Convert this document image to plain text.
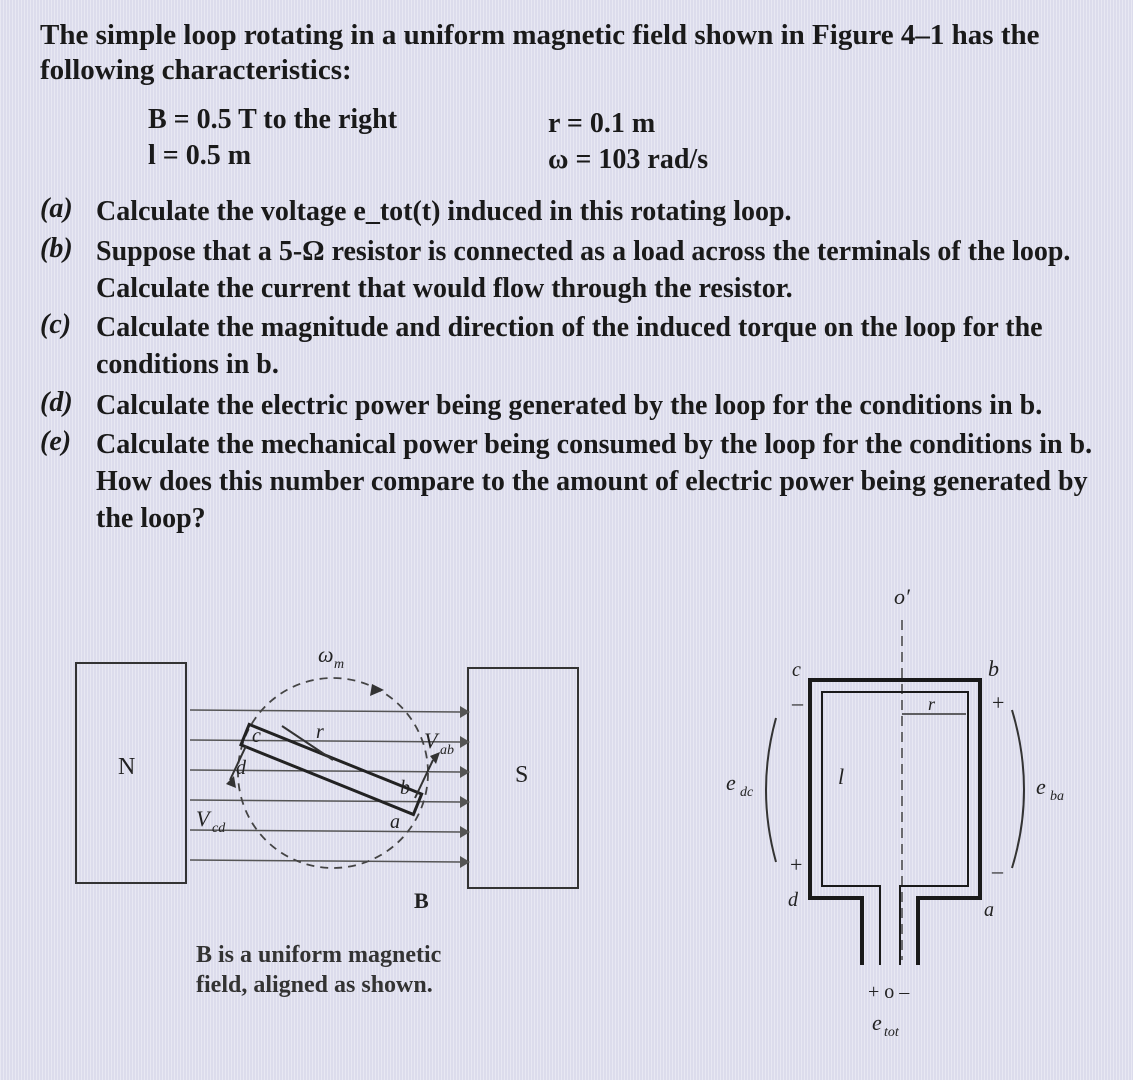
The simple loop rotating in a uniform magnetic field shown in Figure 4–1 has the following characteristics:
B = 0.5 T to the right
l = 0.5 m
r = 0.1 m
ω = 103 rad/s
(a) Calculate the voltage e_tot(t) induced in this rotating loop.
(b) Suppose that a 5-Ω resistor is connected as a load across the terminals of the loop. Calculate the current that would flow through the resistor.
(c) Calculate the magnitude and direction of the induced torque on the loop for the conditions in b.
(d) Calculate the electric power being generated by the loop for the conditions in b.
(e) Calculate the mechanical power being consumed by the loop for the conditions in b. How does this number compare to the amount of electric power being generated by the loop?
N	S
ω m
r
c
d
b
a
V ab
V cd
B
o′
c	b
a
d
r
l
e dc
–
+
e ba
+
–
+ o –
e tot
B is a uniform magnetic field, aligned as shown.
